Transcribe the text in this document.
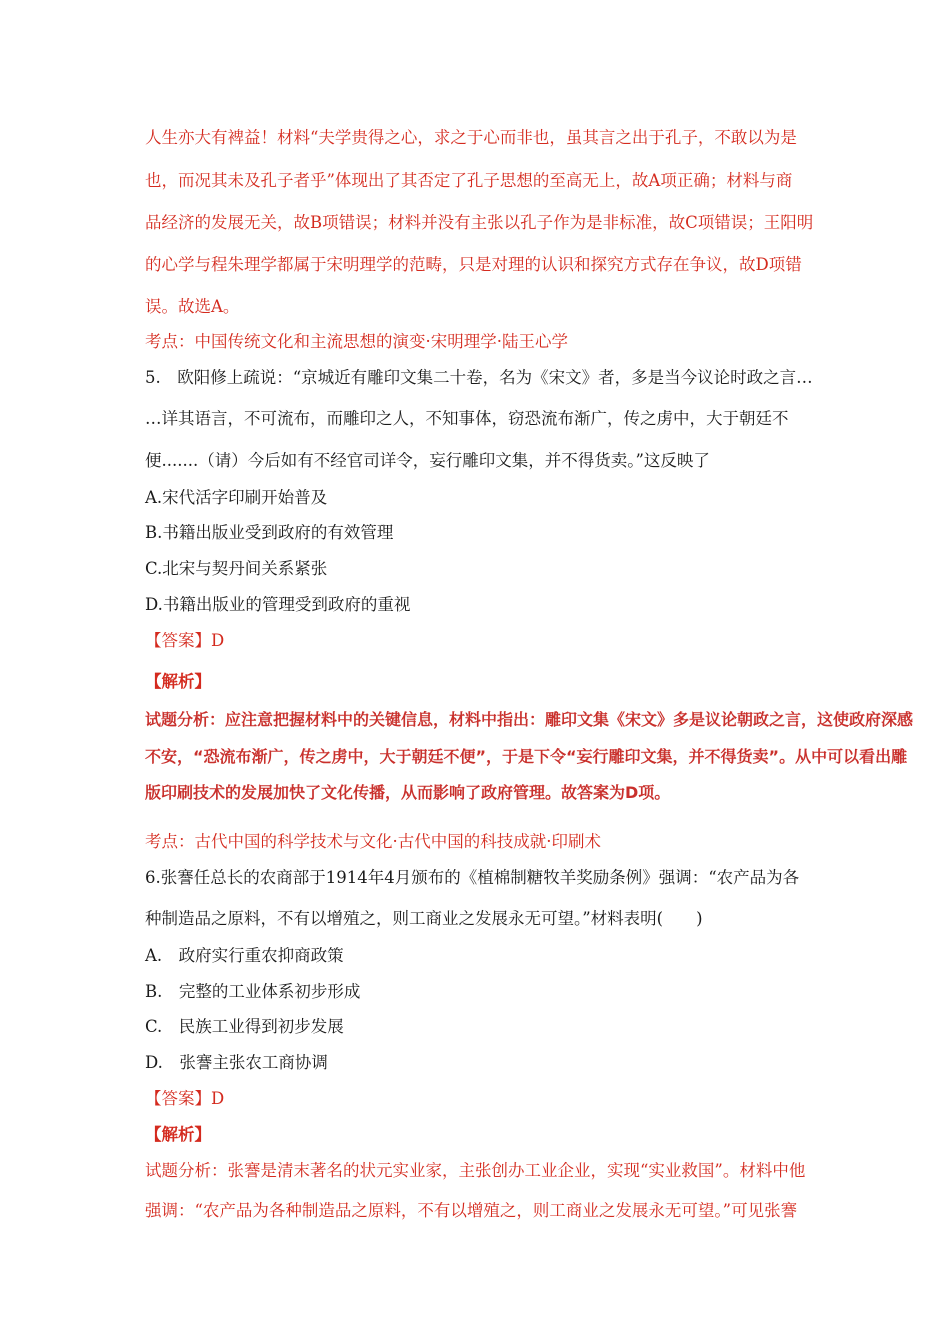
人生亦大有裨益！材料“夫学贵得之心，求之于心而非也，虽其言之出于孔子，不敢以为是
也，而况其未及孔子者乎”体现出了其否定了孔子思想的至高无上，故A项正确；材料与商
品经济的发展无关，故B项错误；材料并没有主张以孔子作为是非标准，故C项错误；王阳明
的心学与程朱理学都属于宋明理学的范畴，只是对理的认识和探究方式存在争议，故D项错
误。故选A。
考点：中国传统文化和主流思想的演变·宋明理学·陆王心学
5.　欧阳修上疏说：“京城近有雕印文集二十卷，名为《宋文》者，多是当今议论时政之言…
…详其语言，不可流布，而雕印之人，不知事体，窃恐流布渐广，传之虏中，大于朝廷不
便.......（请）今后如有不经官司详令，妄行雕印文集，并不得货卖。”这反映了
A.宋代活字印刷开始普及
B.书籍出版业受到政府的有效管理
C.北宋与契丹间关系紧张
D.书籍出版业的管理受到政府的重视
【答案】D
【解析】
试题分析：应注意把握材料中的关键信息，材料中指出：雕印文集《宋文》多是议论朝政之言，这使政府深感
不安，“恐流布渐广，传之虏中，大于朝廷不便”，于是下令“妄行雕印文集，并不得货卖”。从中可以看出雕
版印刷技术的发展加快了文化传播，从而影响了政府管理。故答案为D项。
考点：古代中国的科学技术与文化·古代中国的科技成就·印刷术
6.张謇任总长的农商部于1914年4月颁布的《植棉制糖牧羊奖励条例》强调：“农产品为各
种制造品之原料，不有以增殖之，则工商业之发展永无可望。”材料表明(　　)
A.　政府实行重农抑商政策
B.　完整的工业体系初步形成
C.　民族工业得到初步发展
D.　张謇主张农工商协调
【答案】D
【解析】
试题分析：张謇是清末著名的状元实业家，主张创办工业企业，实现“实业救国”。材料中他
强调：“农产品为各种制造品之原料，不有以增殖之，则工商业之发展永无可望。”可见张謇
